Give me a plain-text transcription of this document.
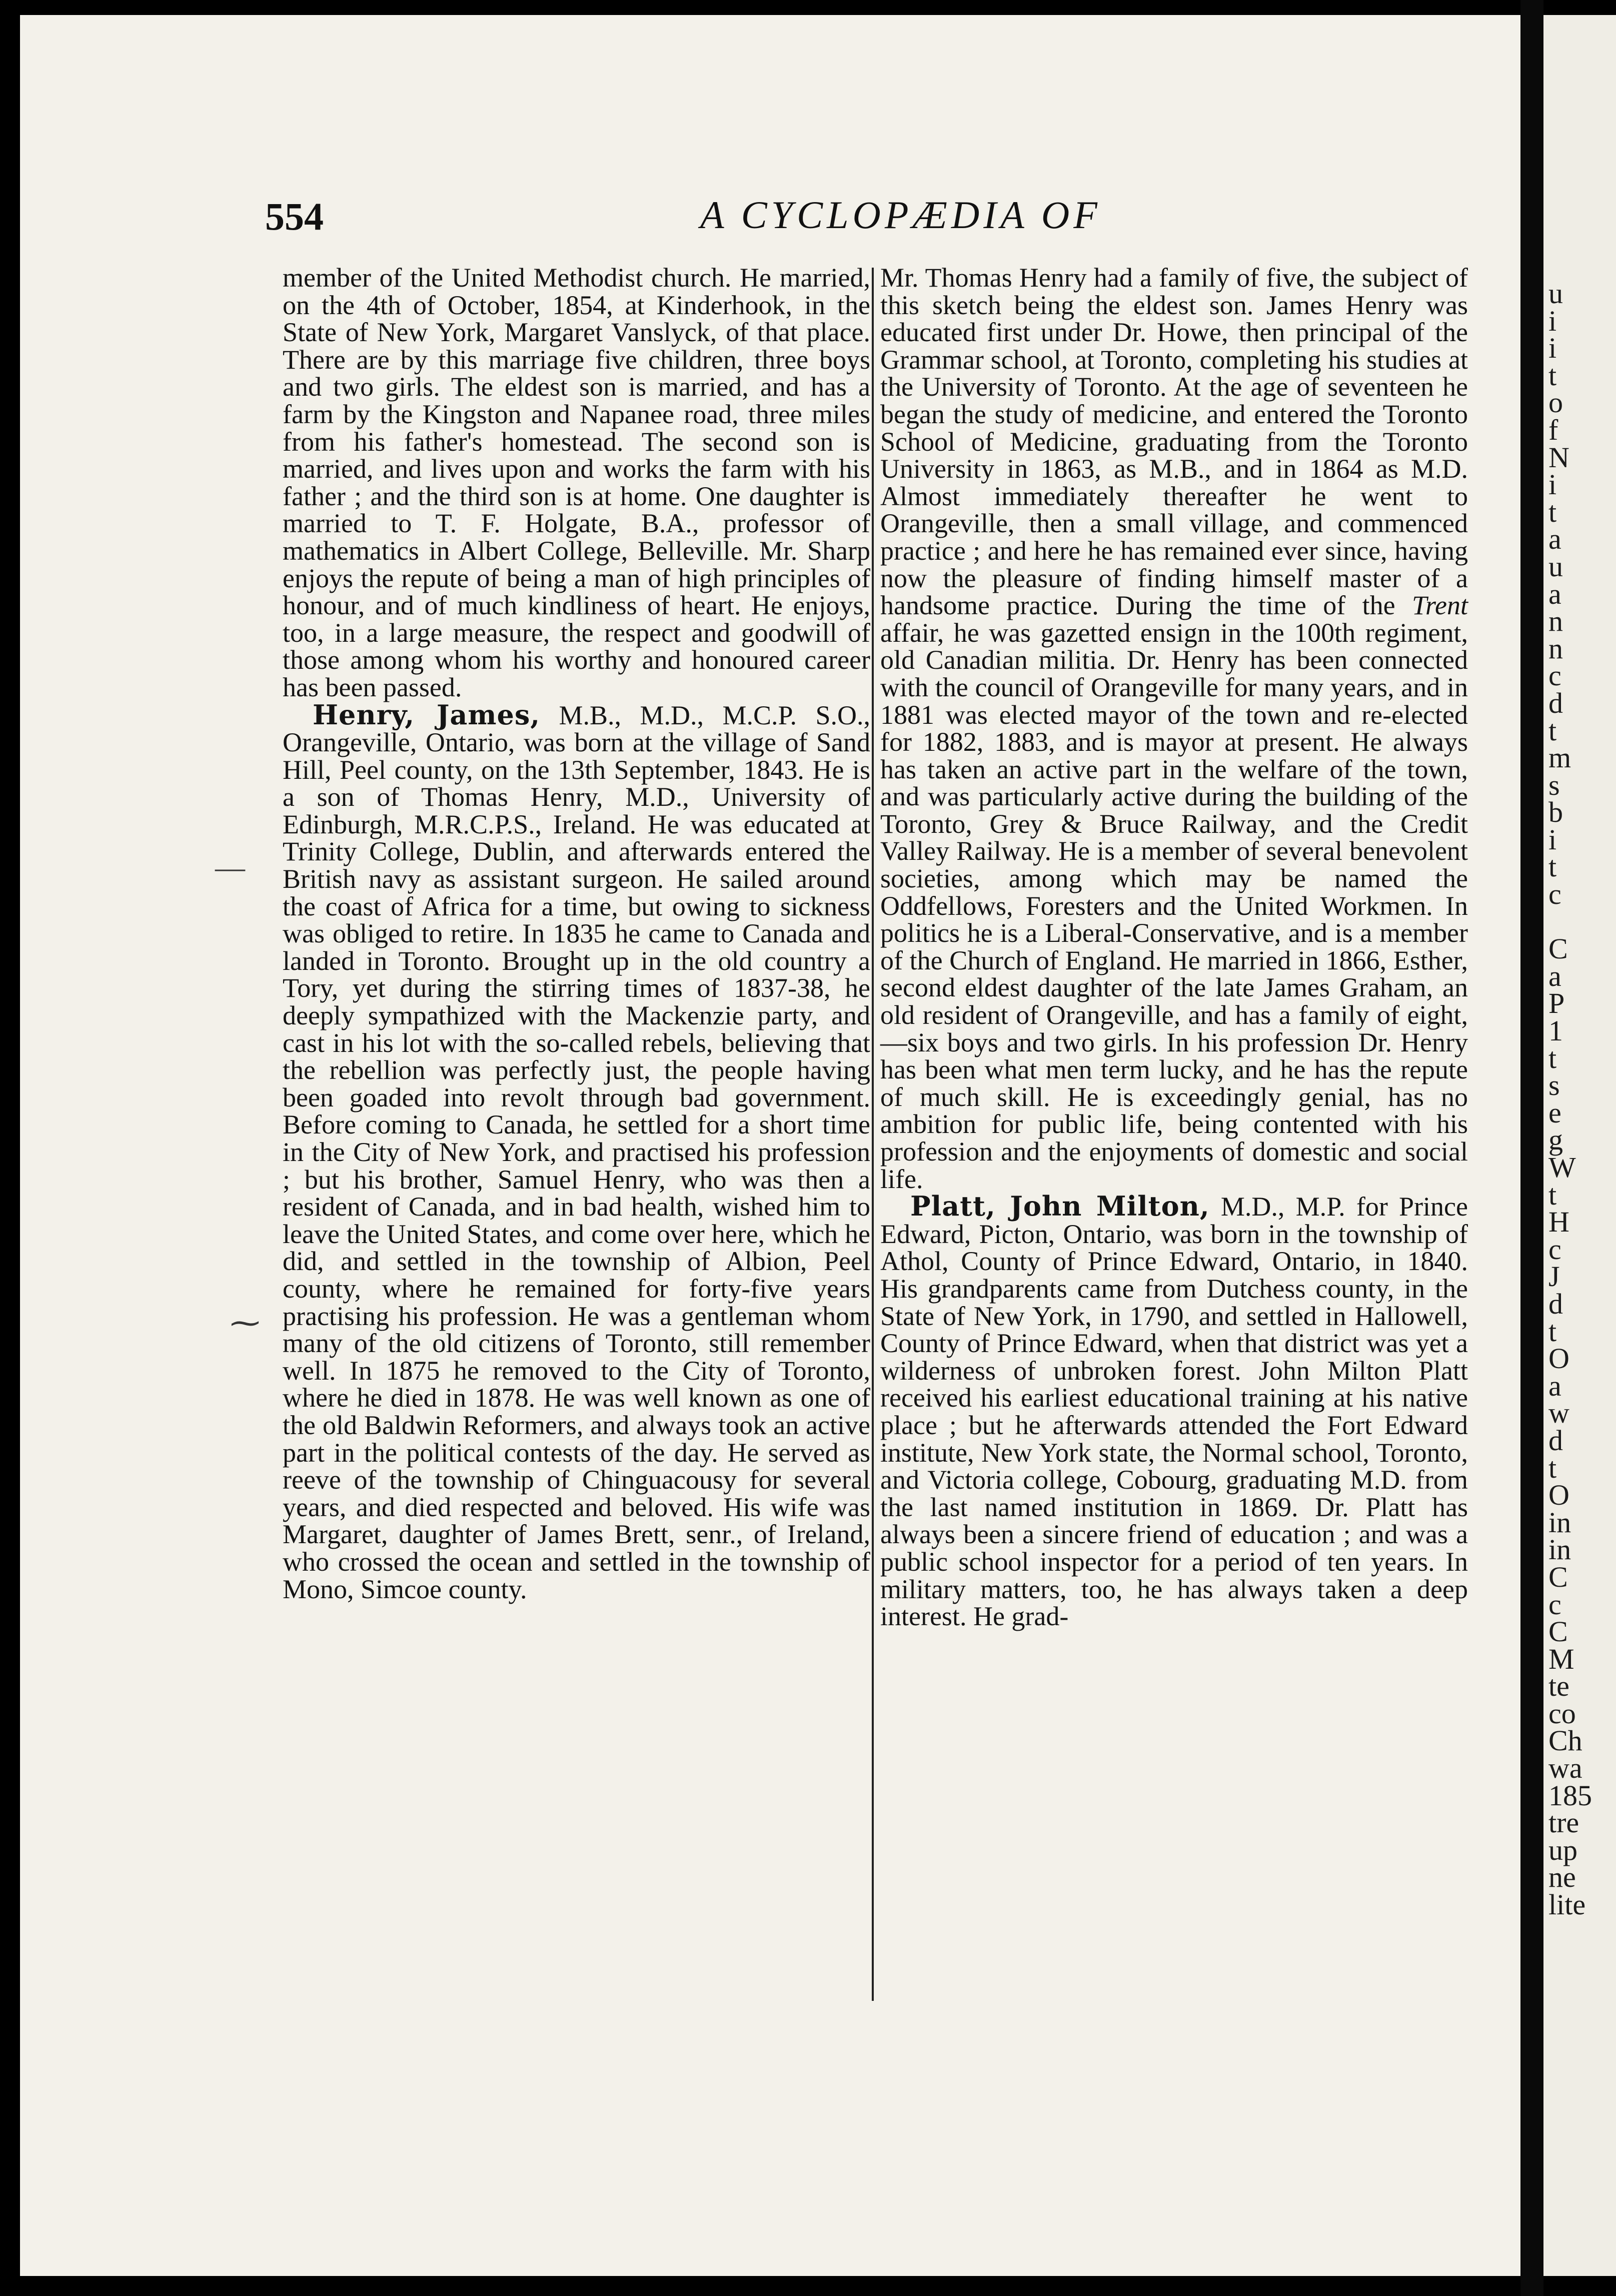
u
i
i
t
o
f
N
i
t
a
u
a
n
n
c
d
t
m
s
b
i
t
c

C
a
P
1
t
s
e
g
W
t
H
c
J
d
t
O
a
w
d
t
O
in
in
C
c
C
M
te
co
Ch
wa
185
tre
up
ne
lite
554	A CYCLOPÆDIA OF
—
⁓

member of the United Methodist church. He married, on the 4th of October, 1854, at Kinderhook, in the State of New York, Margaret Vanslyck, of that place. There are by this marriage five children, three boys and two girls. The eldest son is married, and has a farm by the Kingston and Napanee road, three miles from his father's homestead. The second son is married, and lives upon and works the farm with his father ; and the third son is at home. One daughter is married to T. F. Holgate, B.A., professor of mathematics in Albert College, Belleville. Mr. Sharp enjoys the repute of being a man of high principles of honour, and of much kindliness of heart. He enjoys, too, in a large measure, the respect and goodwill of those among whom his worthy and honoured career has been passed.

Henry, James, M.B., M.D., M.C.P. S.O., Orangeville, Ontario, was born at the village of Sand Hill, Peel county, on the 13th September, 1843. He is a son of Thomas Henry, M.D., University of Edinburgh, M.R.C.P.S., Ireland. He was educated at Trinity College, Dublin, and afterwards entered the British navy as assistant surgeon. He sailed around the coast of Africa for a time, but owing to sickness was obliged to retire. In 1835 he came to Canada and landed in Toronto. Brought up in the old country a Tory, yet during the stirring times of 1837-38, he deeply sympathized with the Mackenzie party, and cast in his lot with the so-called rebels, believing that the rebellion was perfectly just, the people having been goaded into revolt through bad government. Before coming to Canada, he settled for a short time in the City of New York, and practised his profession ; but his brother, Samuel Henry, who was then a resident of Canada, and in bad health, wished him to leave the United States, and come over here, which he did, and settled in the township of Albion, Peel county, where he remained for forty-five years practising his profession. He was a gentleman whom many of the old citizens of Toronto, still remember well. In 1875 he removed to the City of Toronto, where he died in 1878. He was well known as one of the old Baldwin Reformers, and always took an active part in the political contests of the day. He served as reeve of the township of Chinguacousy for several years, and died respected and beloved. His wife was Margaret, daughter of James Brett, senr., of Ireland, who crossed the ocean and settled in the township of Mono, Simcoe county.

Mr. Thomas Henry had a family of five, the subject of this sketch being the eldest son. James Henry was educated first under Dr. Howe, then principal of the Grammar school, at Toronto, completing his studies at the University of Toronto. At the age of seventeen he began the study of medicine, and entered the Toronto School of Medicine, graduating from the Toronto University in 1863, as M.B., and in 1864 as M.D. Almost immediately thereafter he went to Orangeville, then a small village, and commenced practice ; and here he has remained ever since, having now the pleasure of finding himself master of a handsome practice. During the time of the Trent affair, he was gazetted ensign in the 100th regiment, old Canadian militia. Dr. Henry has been connected with the council of Orangeville for many years, and in 1881 was elected mayor of the town and re-elected for 1882, 1883, and is mayor at present. He always has taken an active part in the welfare of the town, and was particularly active during the building of the Toronto, Grey & Bruce Railway, and the Credit Valley Railway. He is a member of several benevolent societies, among which may be named the Oddfellows, Foresters and the United Workmen. In politics he is a Liberal-Conservative, and is a member of the Church of England. He married in 1866, Esther, second eldest daughter of the late James Graham, an old resident of Orangeville, and has a family of eight,—six boys and two girls. In his profession Dr. Henry has been what men term lucky, and he has the repute of much skill. He is exceedingly genial, has no ambition for public life, being contented with his profession and the enjoyments of domestic and social life.

Platt, John Milton, M.D., M.P. for Prince Edward, Picton, Ontario, was born in the township of Athol, County of Prince Edward, Ontario, in 1840. His grandparents came from Dutchess county, in the State of New York, in 1790, and settled in Hallowell, County of Prince Edward, when that district was yet a wilderness of unbroken forest. John Milton Platt received his earliest educational training at his native place ; but he afterwards attended the Fort Edward institute, New York state, the Normal school, Toronto, and Victoria college, Cobourg, graduating M.D. from the last named institution in 1869. Dr. Platt has always been a sincere friend of education ; and was a public school inspector for a period of ten years. In military matters, too, he has always taken a deep interest. He grad-
